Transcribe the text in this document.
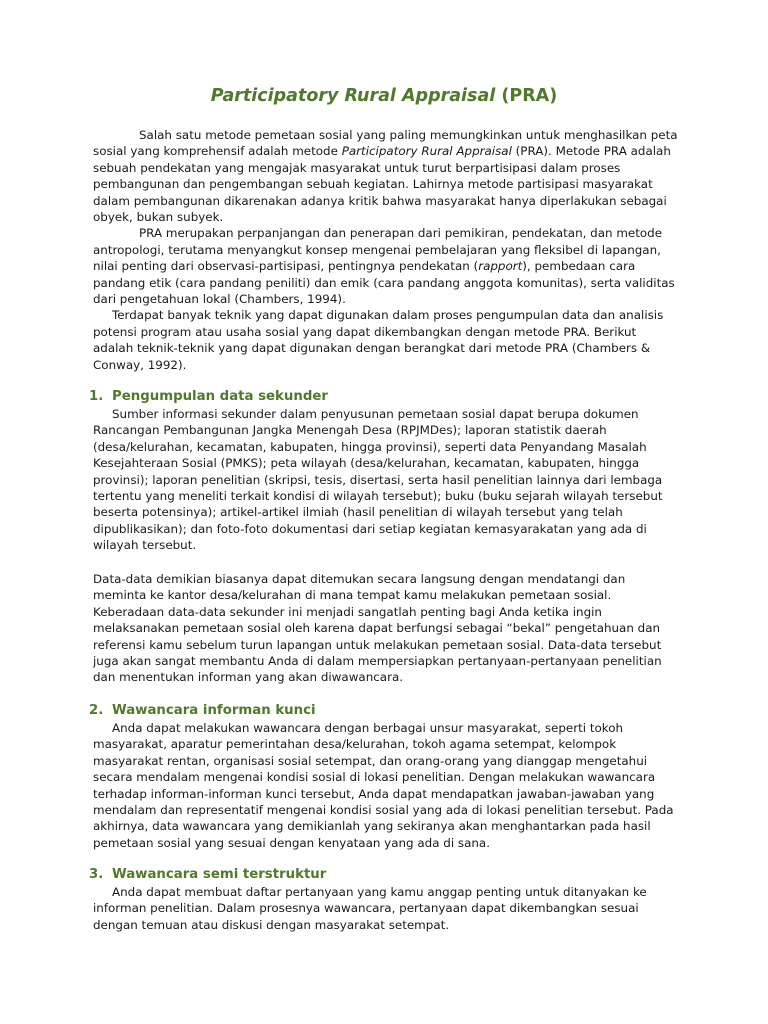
Participatory Rural Appraisal (PRA)

Salah satu metode pemetaan sosial yang paling memungkinkan untuk menghasilkan peta sosial yang komprehensif adalah metode Participatory Rural Appraisal (PRA). Metode PRA adalah sebuah pendekatan yang mengajak masyarakat untuk turut berpartisipasi dalam proses pembangunan dan pengembangan sebuah kegiatan. Lahirnya metode partisipasi masyarakat dalam pembangunan dikarenakan adanya kritik bahwa masyarakat hanya diperlakukan sebagai obyek, bukan subyek.

PRA merupakan perpanjangan dan penerapan dari pemikiran, pendekatan, dan metode antropologi, terutama menyangkut konsep mengenai pembelajaran yang fleksibel di lapangan, nilai penting dari observasi-partisipasi, pentingnya pendekatan (rapport), pembedaan cara pandang etik (cara pandang peniliti) dan emik (cara pandang anggota komunitas), serta validitas dari pengetahuan lokal (Chambers, 1994).

Terdapat banyak teknik yang dapat digunakan dalam proses pengumpulan data dan analisis potensi program atau usaha sosial yang dapat dikembangkan dengan metode PRA. Berikut adalah teknik-teknik yang dapat digunakan dengan berangkat dari metode PRA (Chambers & Conway, 1992).

1. Pengumpulan data sekunder

Sumber informasi sekunder dalam penyusunan pemetaan sosial dapat berupa dokumen Rancangan Pembangunan Jangka Menengah Desa (RPJMDes); laporan statistik daerah (desa/kelurahan, kecamatan, kabupaten, hingga provinsi), seperti data Penyandang Masalah Kesejahteraan Sosial (PMKS); peta wilayah (desa/kelurahan, kecamatan, kabupaten, hingga provinsi); laporan penelitian (skripsi, tesis, disertasi, serta hasil penelitian lainnya dari lembaga tertentu yang meneliti terkait kondisi di wilayah tersebut); buku (buku sejarah wilayah tersebut beserta potensinya); artikel-artikel ilmiah (hasil penelitian di wilayah tersebut yang telah dipublikasikan); dan foto-foto dokumentasi dari setiap kegiatan kemasyarakatan yang ada di wilayah tersebut.

Data-data demikian biasanya dapat ditemukan secara langsung dengan mendatangi dan meminta ke kantor desa/kelurahan di mana tempat kamu melakukan pemetaan sosial. Keberadaan data-data sekunder ini menjadi sangatlah penting bagi Anda ketika ingin melaksanakan pemetaan sosial oleh karena dapat berfungsi sebagai “bekal” pengetahuan dan referensi kamu sebelum turun lapangan untuk melakukan pemetaan sosial. Data-data tersebut juga akan sangat membantu Anda di dalam mempersiapkan pertanyaan-pertanyaan penelitian dan menentukan informan yang akan diwawancara.

2. Wawancara informan kunci

Anda dapat melakukan wawancara dengan berbagai unsur masyarakat, seperti tokoh masyarakat, aparatur pemerintahan desa/kelurahan, tokoh agama setempat, kelompok masyarakat rentan, organisasi sosial setempat, dan orang-orang yang dianggap mengetahui secara mendalam mengenai kondisi sosial di lokasi penelitian. Dengan melakukan wawancara terhadap informan-informan kunci tersebut, Anda dapat mendapatkan jawaban-jawaban yang mendalam dan representatif mengenai kondisi sosial yang ada di lokasi penelitian tersebut. Pada akhirnya, data wawancara yang demikianlah yang sekiranya akan menghantarkan pada hasil pemetaan sosial yang sesuai dengan kenyataan yang ada di sana.

3. Wawancara semi terstruktur

Anda dapat membuat daftar pertanyaan yang kamu anggap penting untuk ditanyakan ke informan penelitian. Dalam prosesnya wawancara, pertanyaan dapat dikembangkan sesuai dengan temuan atau diskusi dengan masyarakat setempat.
